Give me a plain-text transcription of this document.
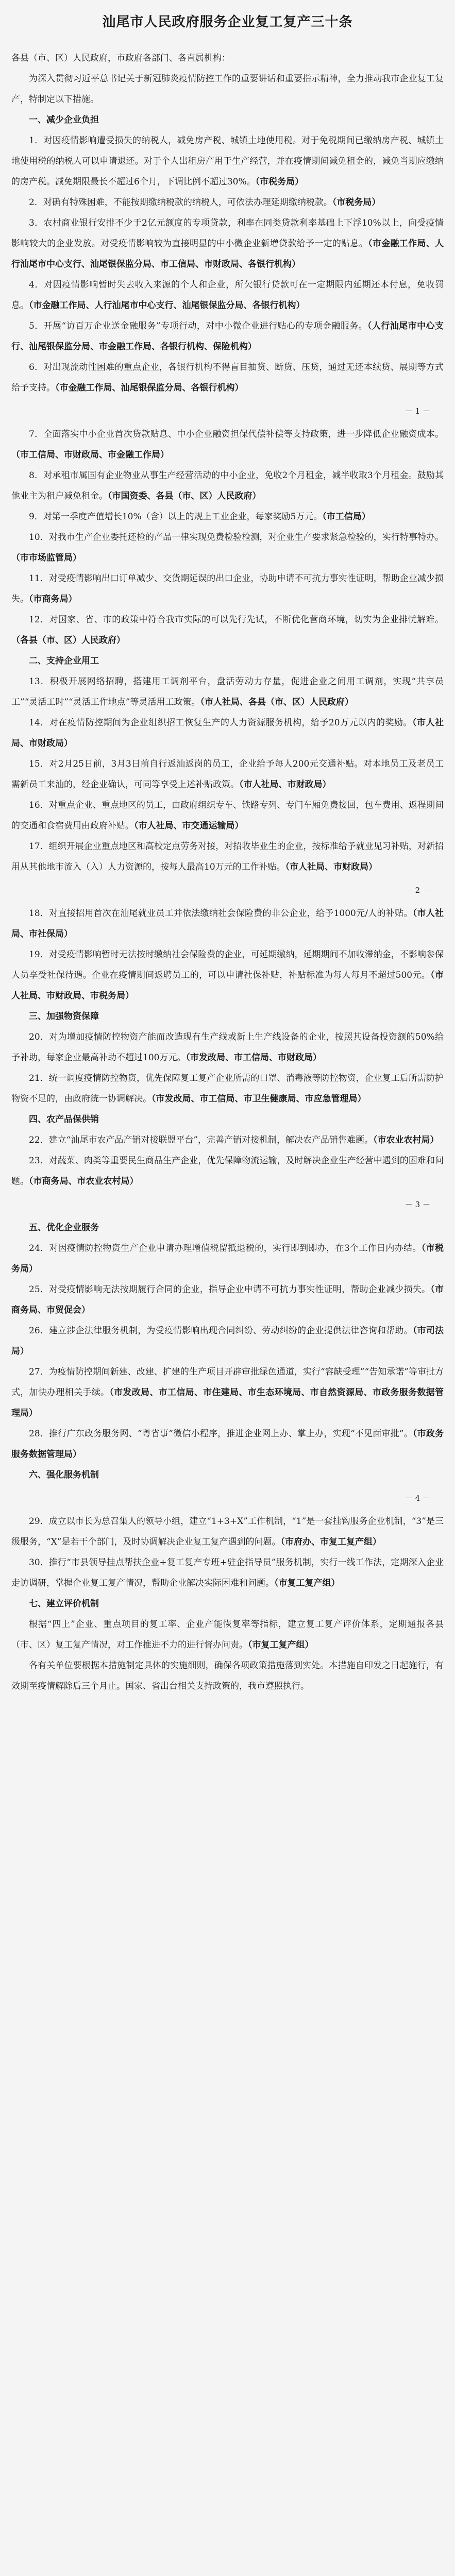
汕尾市人民政府服务企业复工复产三十条

各县（市、区）人民政府，市政府各部门、各直属机构：

为深入贯彻习近平总书记关于新冠肺炎疫情防控工作的重要讲话和重要指示精神，全力推动我市企业复工复产，特制定以下措施。

一、减少企业负担

1．对因疫情影响遭受损失的纳税人，减免房产税、城镇土地使用税。对于免税期间已缴纳房产税、城镇土地使用税的纳税人可以申请退还。对于个人出租房产用于生产经营，并在疫情期间减免租金的，减免当期应缴纳的房产税。减免期限最长不超过6个月，下调比例不超过30%。（市税务局）

2．对确有特殊困难，不能按期缴纳税款的纳税人，可依法办理延期缴纳税款。（市税务局）

3．农村商业银行安排不少于2亿元额度的专项贷款，利率在同类贷款利率基础上下浮10%以上，向受疫情影响较大的企业发放。对受疫情影响较为直接明显的中小微企业新增贷款给予一定的贴息。（市金融工作局、人行汕尾市中心支行、汕尾银保监分局、市工信局、市财政局、各银行机构）

4．对因疫情影响暂时失去收入来源的个人和企业，所欠银行贷款可在一定期限内延期还本付息，免收罚息。（市金融工作局、人行汕尾市中心支行、汕尾银保监分局、各银行机构）

5．开展“访百万企业送金融服务”专项行动，对中小微企业进行贴心的专项金融服务。（人行汕尾市中心支行、汕尾银保监分局、市金融工作局、各银行机构、保险机构）

6．对出现流动性困难的重点企业，各银行机构不得盲目抽贷、断贷、压贷，通过无还本续贷、展期等方式给予支持。（市金融工作局、汕尾银保监分局、各银行机构）

－ 1 －

7．全面落实中小企业首次贷款贴息、中小企业融资担保代偿补偿等支持政策，进一步降低企业融资成本。（市工信局、市财政局、市金融工作局）

8．对承租市属国有企业物业从事生产经营活动的中小企业，免收2个月租金，减半收取3个月租金。鼓励其他业主为租户减免租金。（市国资委、各县（市、区）人民政府）

9．对第一季度产值增长10%（含）以上的规上工业企业，每家奖励5万元。（市工信局）

10．对我市生产企业委托还检的产品一律实现免费检验检测，对企业生产要求紧急检验的，实行特事特办。（市市场监管局）

11．对受疫情影响出口订单减少、交货期延误的出口企业，协助申请不可抗力事实性证明，帮助企业减少损失。（市商务局）

12．对国家、省、市的政策中符合我市实际的可以先行先试，不断优化营商环境，切实为企业排忧解难。（各县（市、区）人民政府）

二、支持企业用工

13．积极开展网络招聘，搭建用工调剂平台，盘活劳动力存量，促进企业之间用工调剂，实现“共享员工”“灵活工时”“灵活工作地点”等灵活用工政策。（市人社局、各县（市、区）人民政府）

14．对在疫情防控期间为企业组织招工恢复生产的人力资源服务机构，给予20万元以内的奖励。（市人社局、市财政局）

15．对2月25日前，3月3日前自行返汕返岗的员工，企业给予每人200元交通补贴。对本地员工及老员工需新员工来汕的，经企业确认，可同等享受上述补贴政策。（市人社局、市财政局）

16．对重点企业、重点地区的员工，由政府组织专车、铁路专列、专门车厢免费接回，包车费用、返程期间的交通和食宿费用由政府补贴。（市人社局、市交通运输局）

17．组织开展企业重点地区和高校定点劳务对接，对招收毕业生的企业，按标准给予就业见习补贴，对新招用从其他地市流入（入）人力资源的，按每人最高10万元的工作补贴。（市人社局、市财政局）

－ 2 －

18．对直接招用首次在汕尾就业员工并依法缴纳社会保险费的非公企业，给予1000元/人的补贴。（市人社局、市社保局）

19．对受疫情影响暂时无法按时缴纳社会保险费的企业，可延期缴纳，延期期间不加收滞纳金，不影响参保人员享受社保待遇。企业在疫情期间返聘员工的，可以申请社保补贴，补贴标准为每人每月不超过500元。（市人社局、市财政局、市税务局）

三、加强物资保障

20．对为增加疫情防控物资产能而改造现有生产线或新上生产线设备的企业，按照其设备投资额的50%给予补助，每家企业最高补助不超过100万元。（市发改局、市工信局、市财政局）

21．统一调度疫情防控物资，优先保障复工复产企业所需的口罩、消毒液等防控物资，企业复工后所需防护物资不足的，由政府统一协调解决。（市发改局、市工信局、市卫生健康局、市应急管理局）

四、农产品保供销

22．建立“汕尾市农产品产销对接联盟平台”，完善产销对接机制，解决农产品销售难题。（市农业农村局）

23．对蔬菜、肉类等重要民生商品生产企业，优先保障物流运输，及时解决企业生产经营中遇到的困难和问题。（市商务局、市农业农村局）

－ 3 －

五、优化企业服务

24．对因疫情防控物资生产企业申请办理增值税留抵退税的，实行即到即办，在3个工作日内办结。（市税务局）

25．对受疫情影响无法按期履行合同的企业，指导企业申请不可抗力事实性证明，帮助企业减少损失。（市商务局、市贸促会）

26．建立涉企法律服务机制，为受疫情影响出现合同纠纷、劳动纠纷的企业提供法律咨询和帮助。（市司法局）

27．为疫情防控期间新建、改建、扩建的生产项目开辟审批绿色通道，实行“容缺受理”“告知承诺”等审批方式，加快办理相关手续。（市发改局、市工信局、市住建局、市生态环境局、市自然资源局、市政务服务数据管理局）

28．推行广东政务服务网、“粤省事”微信小程序，推进企业网上办、掌上办，实现“不见面审批”。（市政务服务数据管理局）

六、强化服务机制

－ 4 －

29．成立以市长为总召集人的领导小组，建立“1+3+X”工作机制，“1”是一套挂钩服务企业机制，“3”是三级服务，“X”是若干个部门，及时协调解决企业复工复产遇到的问题。（市府办、市复工复产组）

30．推行“市县领导挂点帮扶企业+复工复产专班+驻企指导员”服务机制，实行一线工作法，定期深入企业走访调研，掌握企业复工复产情况，帮助企业解决实际困难和问题。（市复工复产组）

七、建立评价机制

根据“四上”企业、重点项目的复工率、企业产能恢复率等指标，建立复工复产评价体系，定期通报各县（市、区）复工复产情况，对工作推进不力的进行督办问责。（市复工复产组）

各有关单位要根据本措施制定具体的实施细则，确保各项政策措施落到实处。本措施自印发之日起施行，有效期至疫情解除后三个月止。国家、省出台相关支持政策的，我市遵照执行。
